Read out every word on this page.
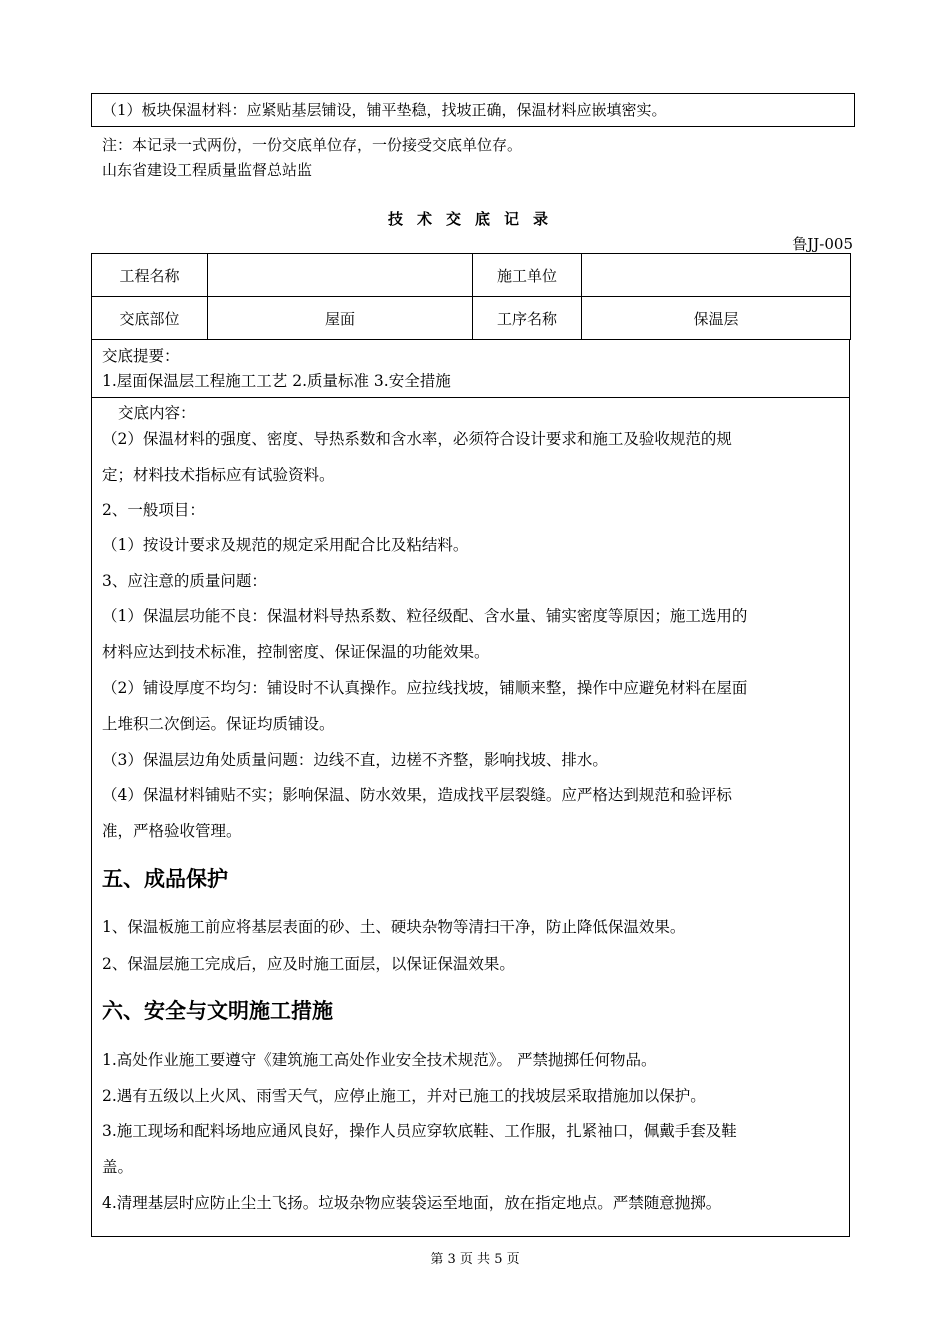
（1）板块保温材料：应紧贴基层铺设，铺平垫稳，找坡正确，保温材料应嵌填密实。
注：本记录一式两份，一份交底单位存，一份接受交底单位存。
山东省建设工程质量监督总站监
技术交底记录
鲁JJ-005
工程名称		施工单位	
交底部位	屋面	工序名称	保温层
交底提要：
1.屋面保温层工程施工工艺 2.质量标准 3.安全措施
交底内容：
（2）保温材料的强度、密度、导热系数和含水率，必须符合设计要求和施工及验收规范的规
定；材料技术指标应有试验资料。
2、一般项目：
（1）按设计要求及规范的规定采用配合比及粘结料。
3、应注意的质量问题：
（1）保温层功能不良：保温材料导热系数、粒径级配、含水量、铺实密度等原因；施工选用的
材料应达到技术标准，控制密度、保证保温的功能效果。
（2）铺设厚度不均匀：铺设时不认真操作。应拉线找坡，铺顺来整，操作中应避免材料在屋面
上堆积二次倒运。保证均质铺设。
（3）保温层边角处质量问题：边线不直，边槎不齐整，影响找坡、排水。
（4）保温材料铺贴不实；影响保温、防水效果，造成找平层裂缝。应严格达到规范和验评标
准，严格验收管理。
五、成品保护
1、保温板施工前应将基层表面的砂、土、硬块杂物等清扫干净，防止降低保温效果。
2、保温层施工完成后，应及时施工面层，以保证保温效果。
六、安全与文明施工措施
1.高处作业施工要遵守《建筑施工高处作业安全技术规范》。 严禁抛掷任何物品。
2.遇有五级以上火风、雨雪天气，应停止施工，并对已施工的找坡层采取措施加以保护。
3.施工现场和配料场地应通风良好，操作人员应穿软底鞋、工作服，扎紧袖口，佩戴手套及鞋
盖。
4.清理基层时应防止尘土飞扬。垃圾杂物应装袋运至地面，放在指定地点。严禁随意抛掷。
第 3 页 共 5 页
